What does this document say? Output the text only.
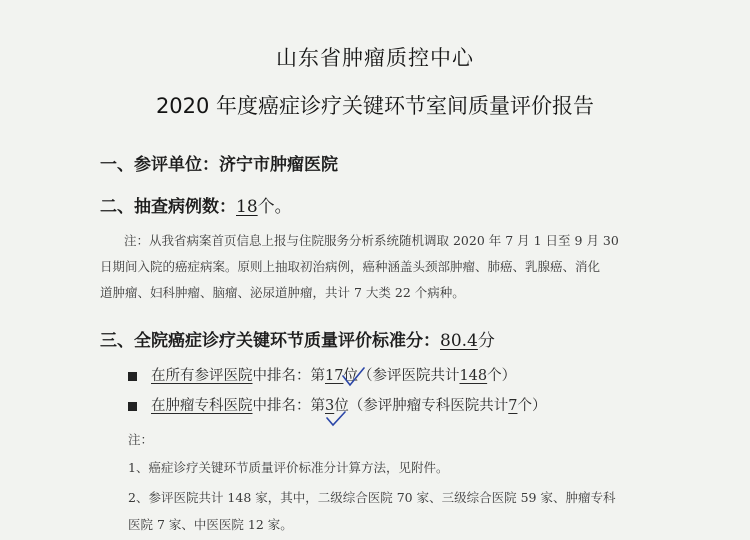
山东省肿瘤质控中心
2020 年度癌症诊疗关键环节室间质量评价报告
一、参评单位：济宁市肿瘤医院
二、抽查病例数：18个。
注：从我省病案首页信息上报与住院服务分析系统随机调取 2020 年 7 月 1 日至 9 月 30
日期间入院的癌症病案。原则上抽取初治病例，癌种涵盖头颈部肿瘤、肺癌、乳腺癌、消化
道肿瘤、妇科肿瘤、脑瘤、泌尿道肿瘤，共计 7 大类 22 个病种。
三、全院癌症诊疗关键环节质量评价标准分：80.4分
在所有参评医院中排名：第17位（参评医院共计148个）
在肿瘤专科医院中排名：第3
位（参评肿瘤专科医院共计7个）
注：
1、癌症诊疗关键环节质量评价标准分计算方法，见附件。
2、参评医院共计 148 家，其中，二级综合医院 70 家、三级综合医院 59 家、肿瘤专科
医院 7 家、中医医院 12 家。
